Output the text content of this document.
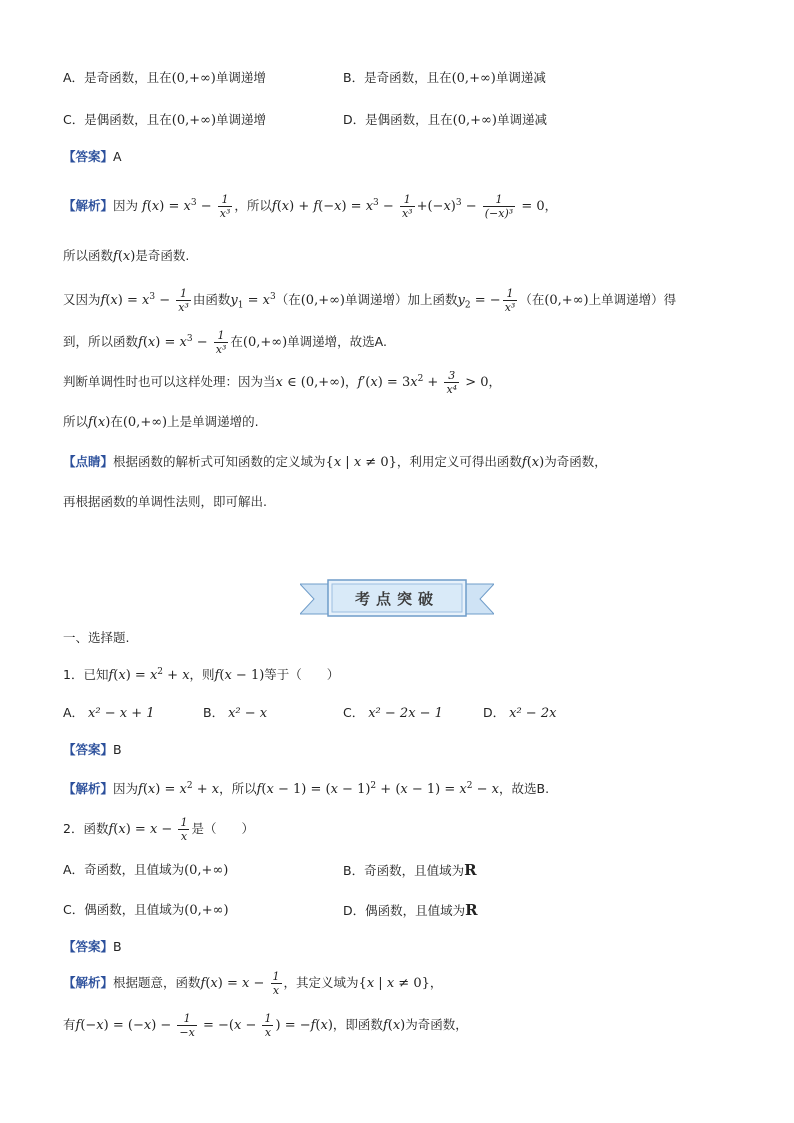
A．是奇函数，且在(0,+∞)单调递增	B．是奇函数，且在(0,+∞)单调递减
C．是偶函数，且在(0,+∞)单调递增	D．是偶函数，且在(0,+∞)单调递减
【答案】A
【解析】因为 $f(x) = x^3 - \frac{1}{\text{x³}}$ ，所以$f(x) + f(-x) = x^3 - \frac{1}{\text{x³}} +(-x)^3 - \frac{1}{\text{(−x)³}} = 0$，
所以函数f(x)是奇函数.
又因为$f(x) = x^3 - \frac{1}{\text{x³}}$ 由函数$y_1 = x^3$（在(0,+∞)单调递增）加上函数$y_2$ = − $\frac{1}{\text{x³}}$ （在(0,+∞)上单调递增）得
到，所以函数$f(x) = x^3 - \frac{1}{\text{x³}}$ 在(0,+∞)单调递增，故选A.
判断单调性时也可以这样处理：因为当x ∈ (0,+∞)，$f'(x) = 3x^2 + \frac{3}{\text{x⁴}} > 0$，
所以f(x)在(0,+∞)上是单调递增的.
【点睛】根据函数的解析式可知函数的定义域为{x | x ≠ 0}，利用定义可得出函数f(x)为奇函数，
再根据函数的单调性法则，即可解出.
考点突破
一、选择题.
1．已知$f(x) = x^2 + x$，则f(x − 1)等于（　　）
A． x² − x + 1	B． x² − x	C． x² − 2x − 1	D． x² − 2x
【答案】B
【解析】因为$f(x) = x^2 + x$，所以$f(x - 1) = (x - 1)^2 + (x - 1) = x^2 - x$，故选B.
2．函数$f(x) = x - \frac{1}{x}$ 是（　　）
A．奇函数，且值域为(0,+∞)	B．奇函数，且值域为R
C．偶函数，且值域为(0,+∞)	D．偶函数，且值域为R
【答案】B
【解析】根据题意，函数$f(x) = x - \frac{1}{x}$ ，其定义域为{x | x ≠ 0}，
有$f(-x) = (-x) - \frac{1}{-x} = -(x - \frac{1}{x}$ ) = −f(x)，即函数f(x)为奇函数，
